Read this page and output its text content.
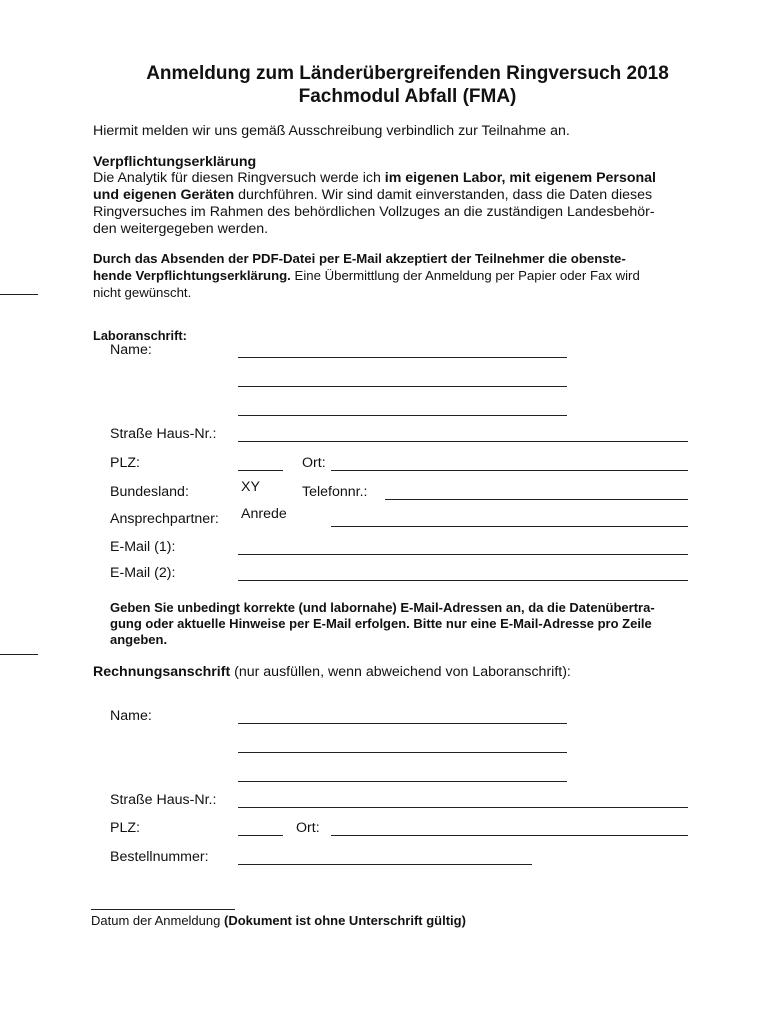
Anmeldung zum Länderübergreifenden Ringversuch 2018
Fachmodul Abfall (FMA)
Hiermit melden wir uns gemäß Ausschreibung verbindlich zur Teilnahme an.
Verpflichtungserklärung
Die Analytik für diesen Ringversuch werde ich im eigenen Labor, mit eigenem Personal
und eigenen Geräten durchführen. Wir sind damit einverstanden, dass die Daten dieses
Ringversuches im Rahmen des behördlichen Vollzuges an die zuständigen Landesbehör-
den weitergegeben werden.
Durch das Absenden der PDF-Datei per E-Mail akzeptiert der Teilnehmer die obenste-
hende Verpflichtungserklärung. Eine Übermittlung der Anmeldung per Papier oder Fax wird
nicht gewünscht.
Laboranschrift:
Name:
Straße Haus-Nr.:
PLZ:	Ort:
Bundesland:	XY	Telefonnr.:
Ansprechpartner: Anrede
E-Mail (1):
E-Mail (2):
Geben Sie unbedingt korrekte (und labornahe) E-Mail-Adressen an, da die Datenübertra-
gung oder aktuelle Hinweise per E-Mail erfolgen. Bitte nur eine E-Mail-Adresse pro Zeile
angeben.
Rechnungsanschrift (nur ausfüllen, wenn abweichend von Laboranschrift):
Name:
Straße Haus-Nr.:
PLZ:	Ort:
Bestellnummer:
Datum der Anmeldung (Dokument ist ohne Unterschrift gültig)
